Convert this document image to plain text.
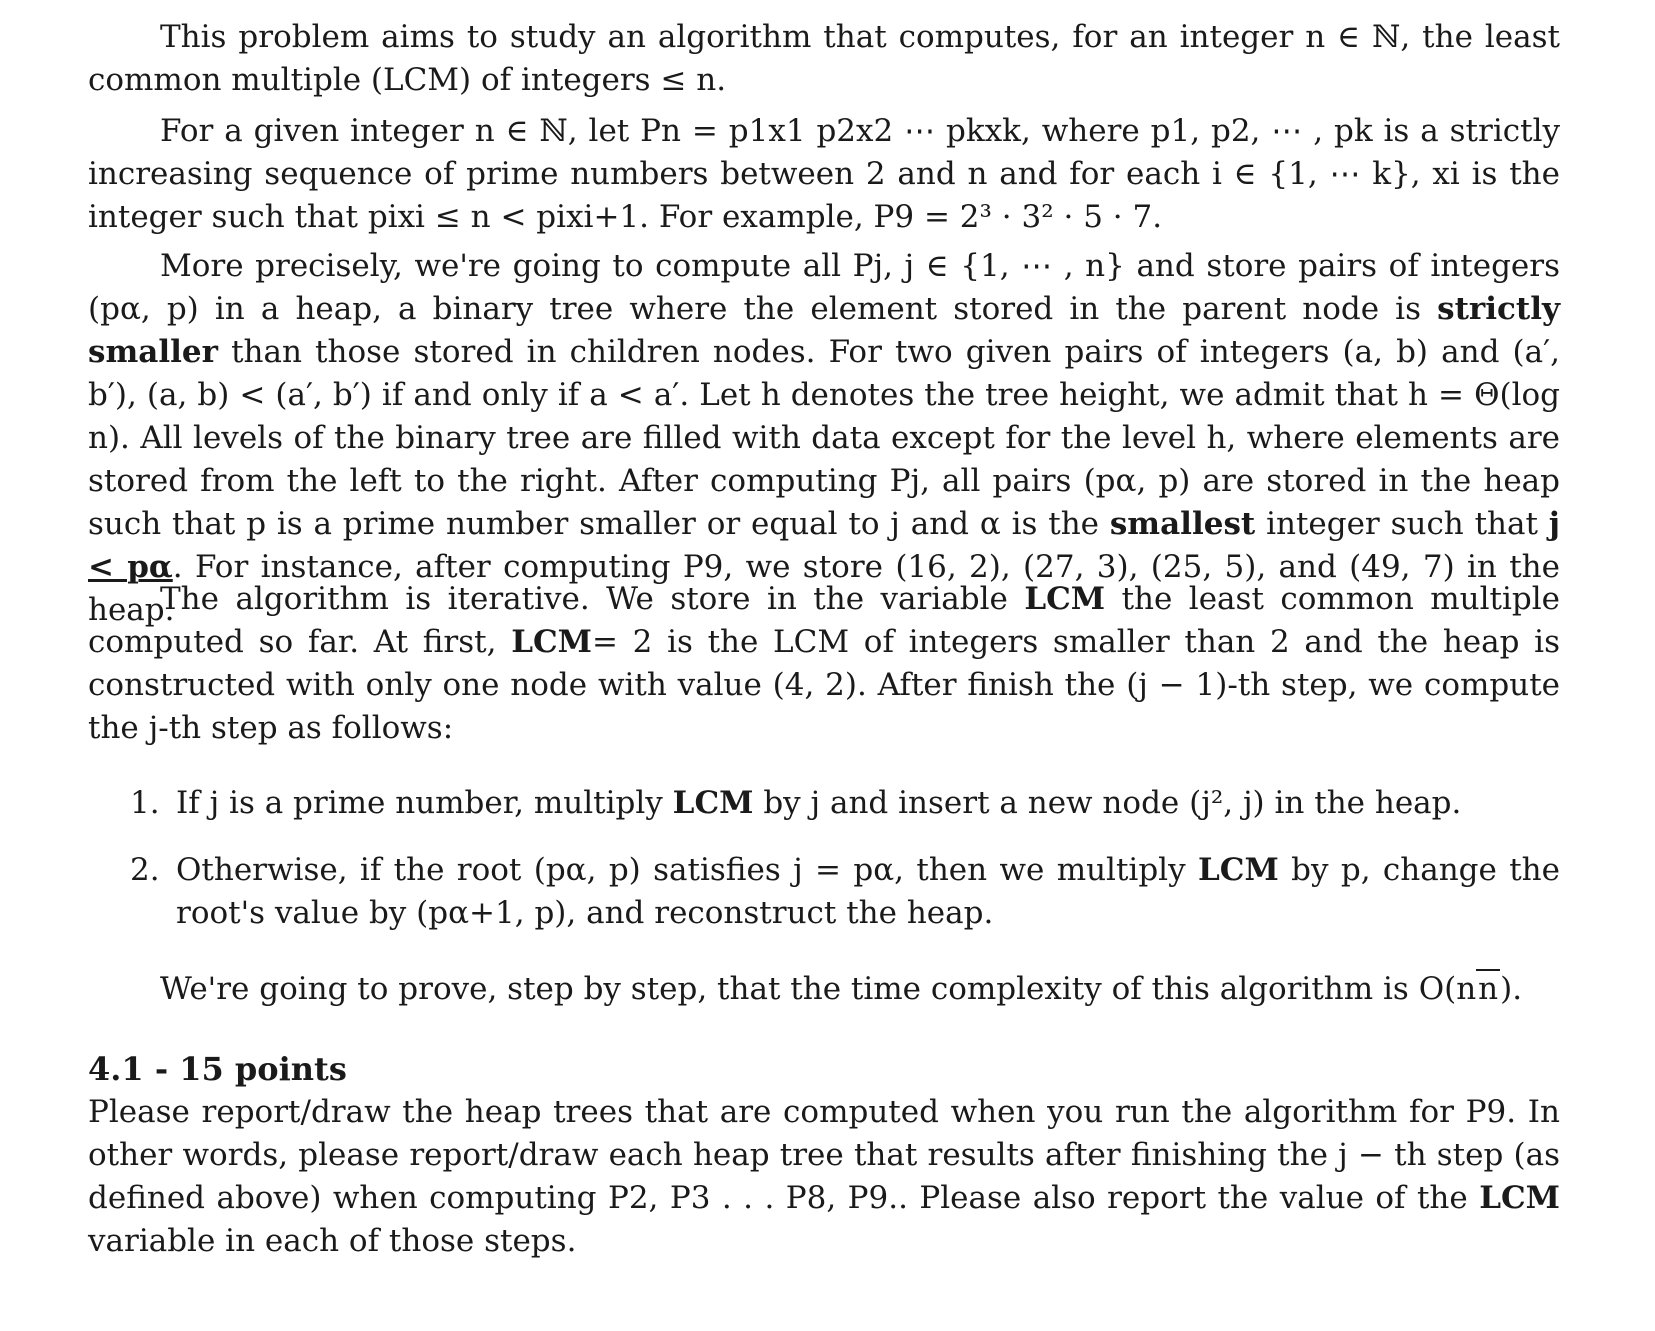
This problem aims to study an algorithm that computes, for an integer n ∈ ℕ, the least common multiple (LCM) of integers ≤ n.

For a given integer n ∈ ℕ, let Pn = p1x1 p2x2 ⋯ pkxk, where p1, p2, ⋯ , pk is a strictly increasing sequence of prime numbers between 2 and n and for each i ∈ {1, ⋯ k}, xi is the integer such that pixi ≤ n < pixi+1. For example, P9 = 2³ · 3² · 5 · 7.

More precisely, we're going to compute all Pj, j ∈ {1, ⋯ , n} and store pairs of integers (pα, p) in a heap, a binary tree where the element stored in the parent node is strictly smaller than those stored in children nodes. For two given pairs of integers (a, b) and (a′, b′), (a, b) < (a′, b′) if and only if a < a′. Let h denotes the tree height, we admit that h = Θ(log n). All levels of the binary tree are filled with data except for the level h, where elements are stored from the left to the right. After computing Pj, all pairs (pα, p) are stored in the heap such that p is a prime number smaller or equal to j and α is the smallest integer such that j < pα. For instance, after computing P9, we store (16, 2), (27, 3), (25, 5), and (49, 7) in the heap.

The algorithm is iterative. We store in the variable LCM the least common multiple computed so far. At first, LCM= 2 is the LCM of integers smaller than 2 and the heap is constructed with only one node with value (4, 2). After finish the (j − 1)-th step, we compute the j-th step as follows:

1. If j is a prime number, multiply LCM by j and insert a new node (j², j) in the heap.
2. Otherwise, if the root (pα, p) satisfies j = pα, then we multiply LCM by p, change the root's value by (pα+1, p), and reconstruct the heap.

We're going to prove, step by step, that the time complexity of this algorithm is O(nn).

4.1 - 15 points

Please report/draw the heap trees that are computed when you run the algorithm for P9. In other words, please report/draw each heap tree that results after finishing the j − th step (as defined above) when computing P2, P3 . . . P8, P9.. Please also report the value of the LCM variable in each of those steps.
